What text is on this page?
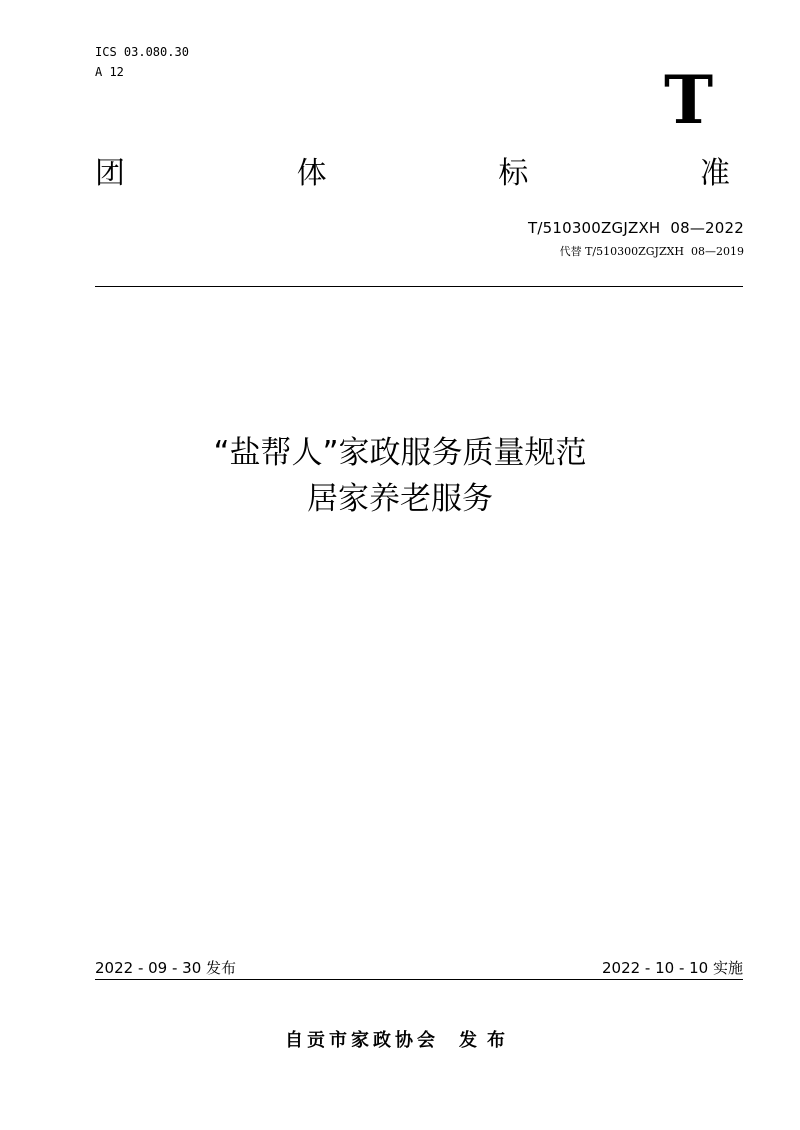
ICS 03.080.30
A 12	T
团	体	标	准
T/510300ZGJZXH  08—2022
代替 T/510300ZGJZXH  08—2019
“盐帮人”家政服务质量规范
居家养老服务
2022 - 09 - 30 发布	2022 - 10 - 10 实施
自贡市家政协会 发布
